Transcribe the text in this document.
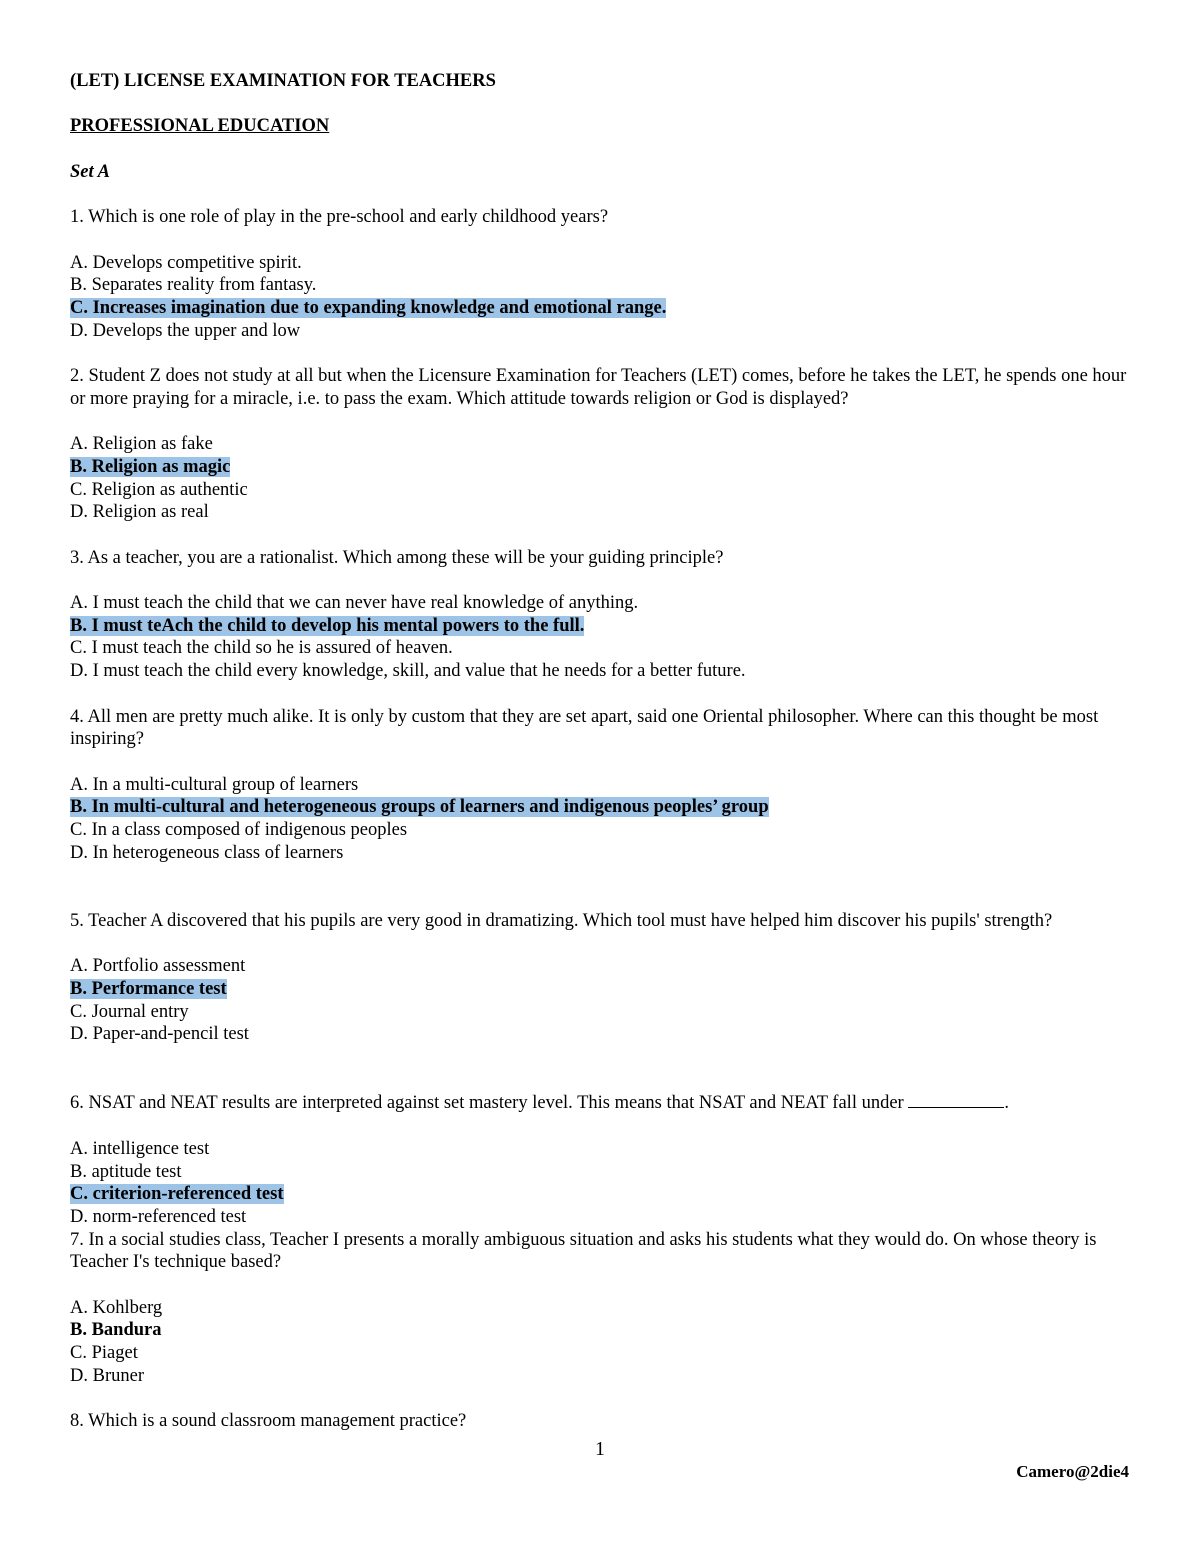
(LET) LICENSE EXAMINATION FOR TEACHERS
PROFESSIONAL EDUCATION
Set A
1. Which is one role of play in the pre-school and early childhood years?
A. Develops competitive spirit.
B. Separates reality from fantasy.
C. Increases imagination due to expanding knowledge and emotional range.
D. Develops the upper and low
2. Student Z does not study at all but when the Licensure Examination for Teachers (LET) comes, before he takes the LET, he spends one hour or more praying for a miracle, i.e. to pass the exam. Which attitude towards religion or God is displayed?
A. Religion as fake
B. Religion as magic
C. Religion as authentic
D. Religion as real
3. As a teacher, you are a rationalist. Which among these will be your guiding principle?
A. I must teach the child that we can never have real knowledge of anything.
B. I must teAch the child to develop his mental powers to the full.
C. I must teach the child so he is assured of heaven.
D. I must teach the child every knowledge, skill, and value that he needs for a better future.
4. All men are pretty much alike. It is only by custom that they are set apart, said one Oriental philosopher. Where can this thought be most inspiring?
A. In a multi-cultural group of learners
B. In multi-cultural and heterogeneous groups of learners and indigenous peoples’ group
C. In a class composed of indigenous peoples
D. In heterogeneous class of learners
5. Teacher A discovered that his pupils are very good in dramatizing. Which tool must have helped him discover his pupils' strength?
A. Portfolio assessment
B. Performance test
C. Journal entry
D. Paper-and-pencil test
6. NSAT and NEAT results are interpreted against set mastery level. This means that NSAT and NEAT fall under	.
A. intelligence test
B. aptitude test
C. criterion-referenced test
D. norm-referenced test
7. In a social studies class, Teacher I presents a morally ambiguous situation and asks his students what they would do. On whose theory is Teacher I's technique based?
A. Kohlberg
B. Bandura
C. Piaget
D. Bruner
8. Which is a sound classroom management practice?
1
Camero@2die4
